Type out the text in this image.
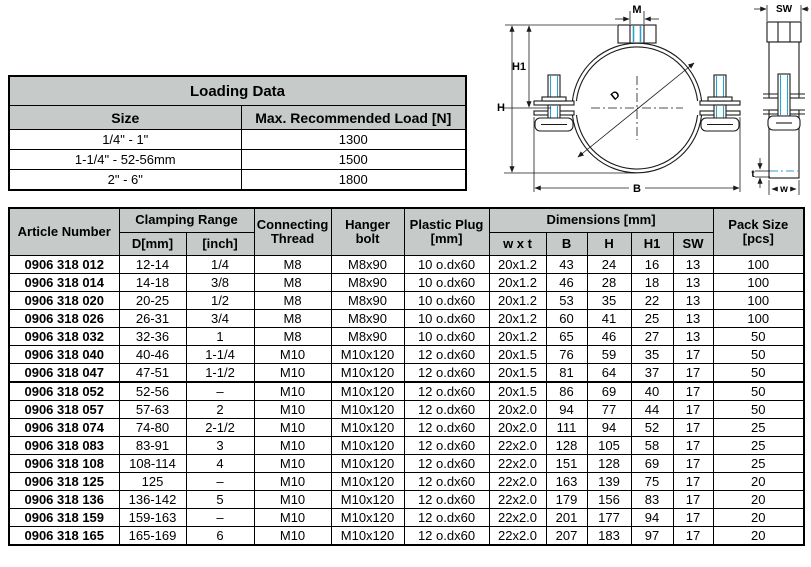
Loading Data	
Size	Max. Recommended Load [N]
1/4" - 1"	1300
1-1/4" - 52-56mm	1500
2" - 6"	1800
M	SW
H1
H
D
B
t
w
Article Number	Clamping Range		Connecting Thread	Hanger bolt	Plastic Plug [mm]	Dimensions [mm]					Pack Size [pcs]
	D[mm]	[inch]				w x t	B	H	H1	SW	
0906 318 012	12-14	1/4	M8	M8x90	10 o.dx60	20x1.2	43	24	16	13	100
0906 318 014	14-18	3/8	M8	M8x90	10 o.dx60	20x1.2	46	28	18	13	100
0906 318 020	20-25	1/2	M8	M8x90	10 o.dx60	20x1.2	53	35	22	13	100
0906 318 026	26-31	3/4	M8	M8x90	10 o.dx60	20x1.2	60	41	25	13	100
0906 318 032	32-36	1	M8	M8x90	10 o.dx60	20x1.2	65	46	27	13	50
0906 318 040	40-46	1-1/4	M10	M10x120	12 o.dx60	20x1.5	76	59	35	17	50
0906 318 047	47-51	1-1/2	M10	M10x120	12 o.dx60	20x1.5	81	64	37	17	50
0906 318 052	52-56	–	M10	M10x120	12 o.dx60	20x1.5	86	69	40	17	50
0906 318 057	57-63	2	M10	M10x120	12 o.dx60	20x2.0	94	77	44	17	50
0906 318 074	74-80	2-1/2	M10	M10x120	12 o.dx60	20x2.0	111	94	52	17	25
0906 318 083	83-91	3	M10	M10x120	12 o.dx60	22x2.0	128	105	58	17	25
0906 318 108	108-114	4	M10	M10x120	12 o.dx60	22x2.0	151	128	69	17	25
0906 318 125	125	–	M10	M10x120	12 o.dx60	22x2.0	163	139	75	17	20
0906 318 136	136-142	5	M10	M10x120	12 o.dx60	22x2.0	179	156	83	17	20
0906 318 159	159-163	–	M10	M10x120	12 o.dx60	22x2.0	201	177	94	17	20
0906 318 165	165-169	6	M10	M10x120	12 o.dx60	22x2.0	207	183	97	17	20
